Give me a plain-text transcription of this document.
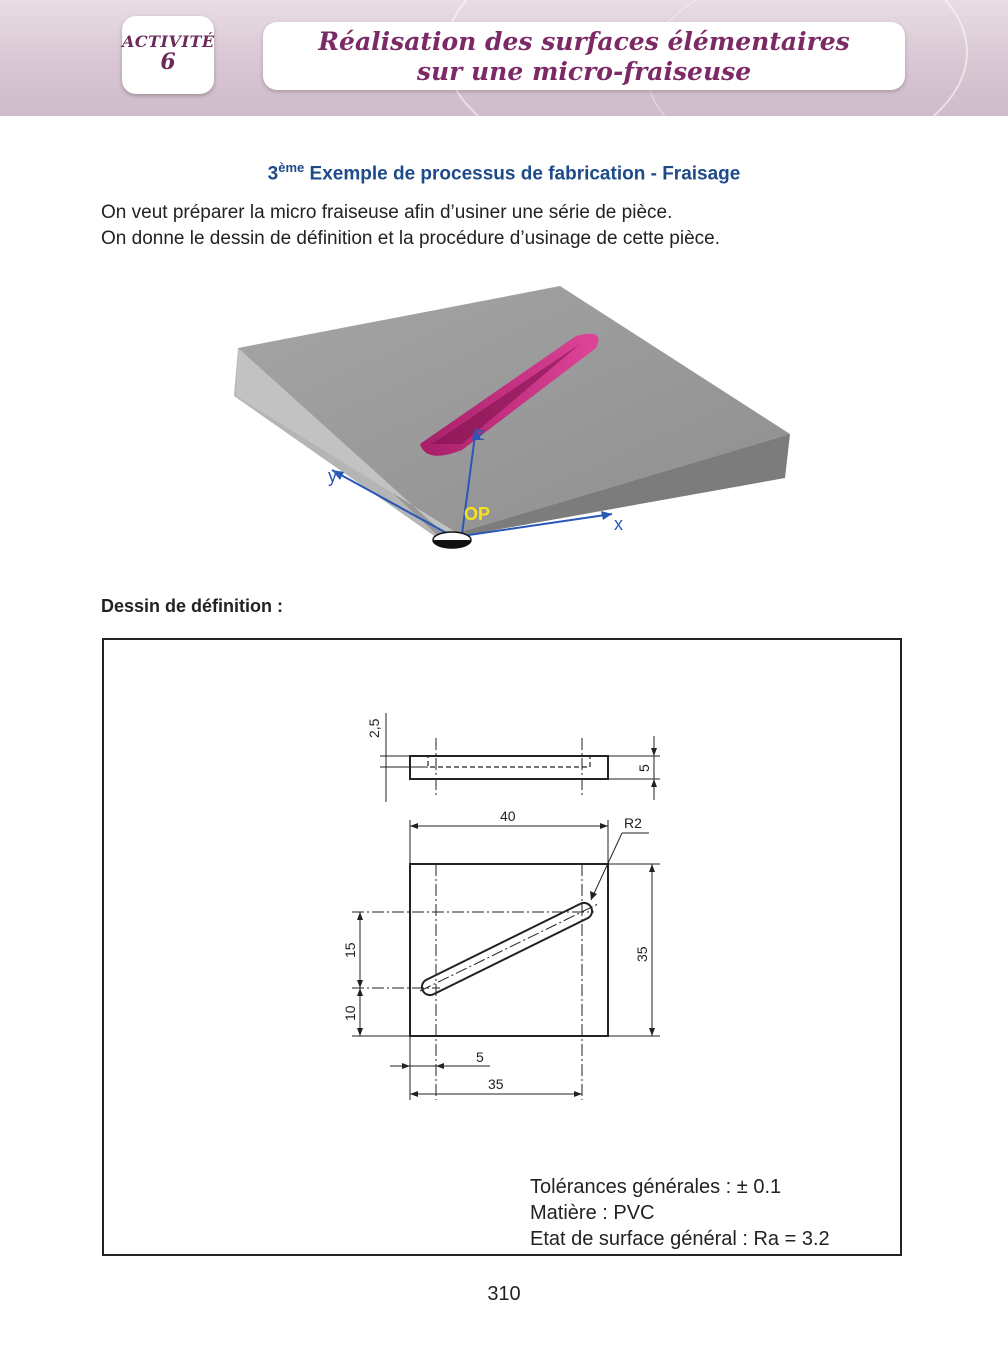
ACTIVITÉ
6
Réalisation des surfaces élémentaires
sur une micro-fraiseuse
3ème Exemple de processus de fabrication - Fraisage

On veut préparer la micro fraiseuse afin d’usiner une série de pièce.

On donne le dessin de définition et la procédure d’usinage de cette pièce.

z
y
x
OP
Dessin de définition :
2,5
5
40	R2
35
15
10
5
35
Tolérances générales : ± 0.1
Matière : PVC
Etat de surface général : Ra = 3.2
310
